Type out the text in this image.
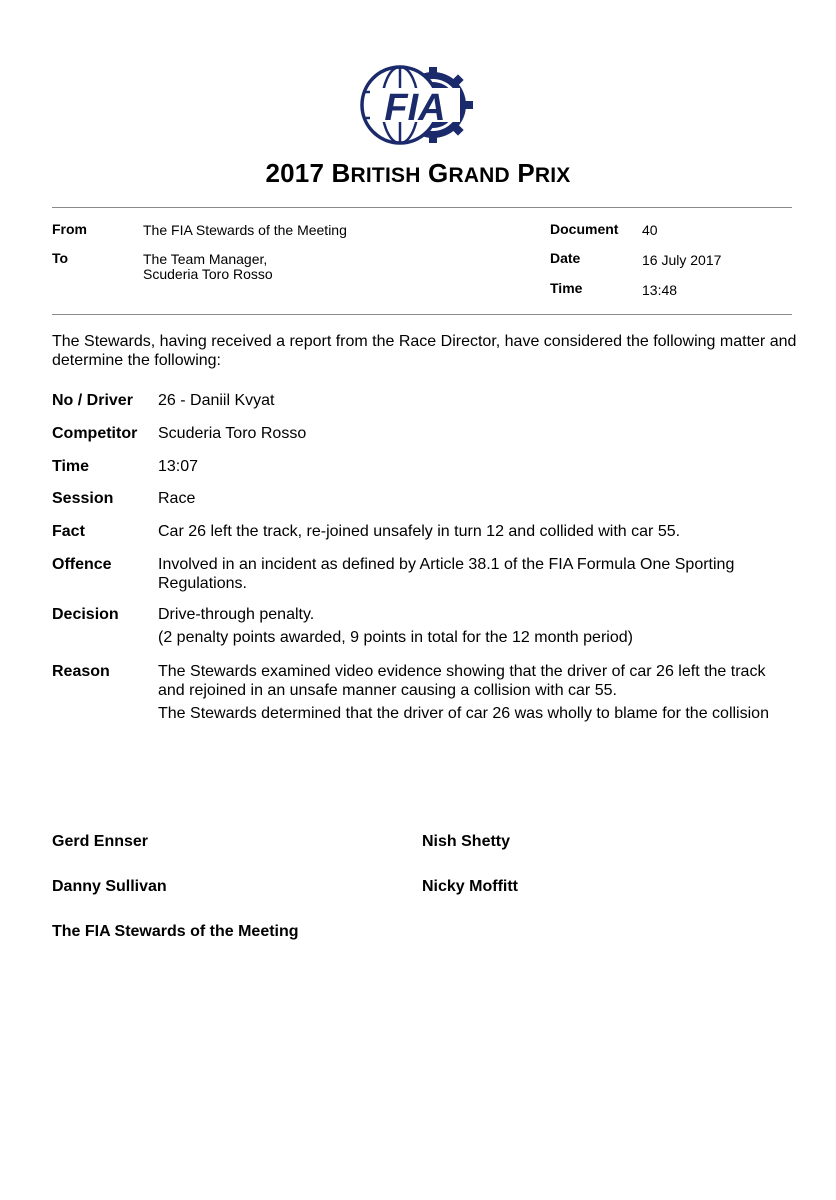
FIA
2017 BRITISH GRAND PRIX
From	The FIA Stewards of the Meeting
To	The Team Manager,
Scuderia Toro Rosso
Document 40
Date	16 July 2017
Time	13:48
The Stewards, having received a report from the Race Director, have considered the following matter and determine the following:
No / Driver 26 - Daniil Kvyat
Competitor Scuderia Toro Rosso
Time	13:07
Session	Race
Fact	Car 26 left the track, re-joined unsafely in turn 12 and collided with car 55.
Offence	Involved in an incident as defined by Article 38.1 of the FIA Formula One Sporting

Regulations.

Decision Drive-through penalty.

(2 penalty points awarded, 9 points in total for the 12 month period)

Reason	The Stewards examined video evidence showing that the driver of car 26 left the track

and rejoined in an unsafe manner causing a collision with car 55.

The Stewards determined that the driver of car 26 was wholly to blame for the collision

Gerd Ennser	Nish Shetty
Danny Sullivan	Nicky Moffitt
The FIA Stewards of the Meeting
